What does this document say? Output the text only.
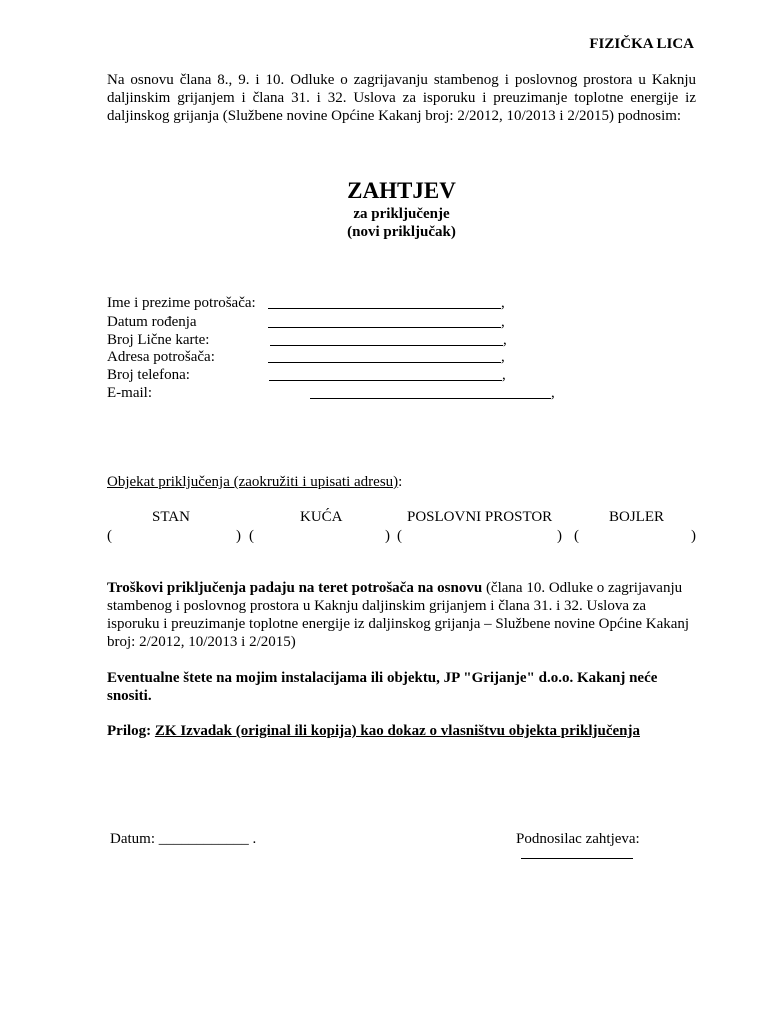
FIZIČKA LICA
Na osnovu člana 8., 9. i 10. Odluke o zagrijavanju stambenog i poslovnog prostora u Kaknju daljinskim grijanjem i člana 31. i 32. Uslova za isporuku i preuzimanje toplotne energije iz daljinskog grijanja (Službene novine Općine Kakanj broj: 2/2012, 10/2013 i 2/2015) podnosim:
ZAHTJEV
za priključenje
(novi priključak)
Ime i prezime potrošača:	,
Datum rođenja	,
Broj Lične karte:	,
Adresa potrošača:	,
Broj telefona:	,
E-mail:	,
Objekat priključenja (zaokružiti i upisati adresu):
STAN	KUĆA	POSLOVNI PROSTOR	BOJLER
(	) (	) (	) (	)
Troškovi priključenja padaju na teret potrošača na osnovu (člana 10. Odluke o zagrijavanju stambenog i poslovnog prostora u Kaknju daljinskim grijanjem i člana 31. i 32. Uslova za isporuku i preuzimanje toplotne energije iz daljinskog grijanja – Službene novine Općine Kakanj broj: 2/2012, 10/2013 i 2/2015)
Eventualne štete na mojim instalacijama ili objektu, JP "Grijanje" d.o.o. Kakanj neće snositi.
Prilog: ZK Izvadak (original ili kopija) kao dokaz o vlasništvu objekta priključenja
Datum: ____________ .	Podnosilac zahtjeva:
